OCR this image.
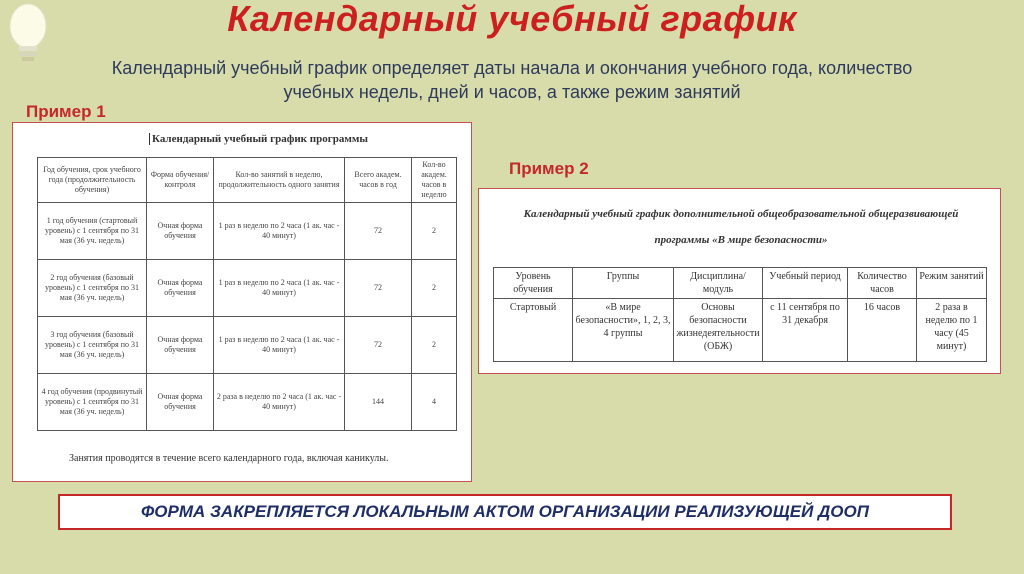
Календарный учебный график
Календарный учебный график определяет даты начала и окончания учебного года, количество
учебных недель, дней и часов, а также режим занятий
Пример 1
Календарный учебный график программы
Год обучения, срок учебного года (продолжительность обучения)	Форма обучения/ контроля	Кол-во занятий в неделю, продолжительность одного занятия	Всего академ. часов в год	Кол-во академ. часов в неделю
1 год обучения (стартовый уровень) с 1 сентября по 31 мая (36 уч. недель)	Очная форма обучения	1 раз в неделю по 2 часа (1 ак. час - 40 минут)	72	2
2 год обучения (базовый уровень) с 1 сентября по 31 мая (36 уч. недель)	Очная форма обучения	1 раз в неделю по 2 часа (1 ак. час - 40 минут)	72	2
3 год обучения (базовый уровень) с 1 сентября по 31 мая (36 уч. недель)	Очная форма обучения	1 раз в неделю по 2 часа (1 ак. час - 40 минут)	72	2
4 год обучения (продвинутый уровень) с 1 сентября по 31 мая (36 уч. недель)	Очная форма обучения	2 раза в неделю по 2 часа (1 ак. час - 40 минут)	144	4
Занятия проводятся в течение всего календарного года, включая каникулы.
Пример 2
Календарный учебный график дополнительной общеобразовательной общеразвивающей
программы «В мире безопасности»
Уровень обучения	Группы	Дисциплина/ модуль	Учебный период	Количество часов	Режим занятий
Стартовый	«В мире безопасности», 1, 2, 3, 4 группы	Основы безопасности жизнедеятельности (ОБЖ)	с 11 сентября по 31 декабря	16 часов	2 раза в неделю по 1 часу (45 минут)
ФОРМА ЗАКРЕПЛЯЕТСЯ ЛОКАЛЬНЫМ АКТОМ ОРГАНИЗАЦИИ РЕАЛИЗУЮЩЕЙ ДООП
